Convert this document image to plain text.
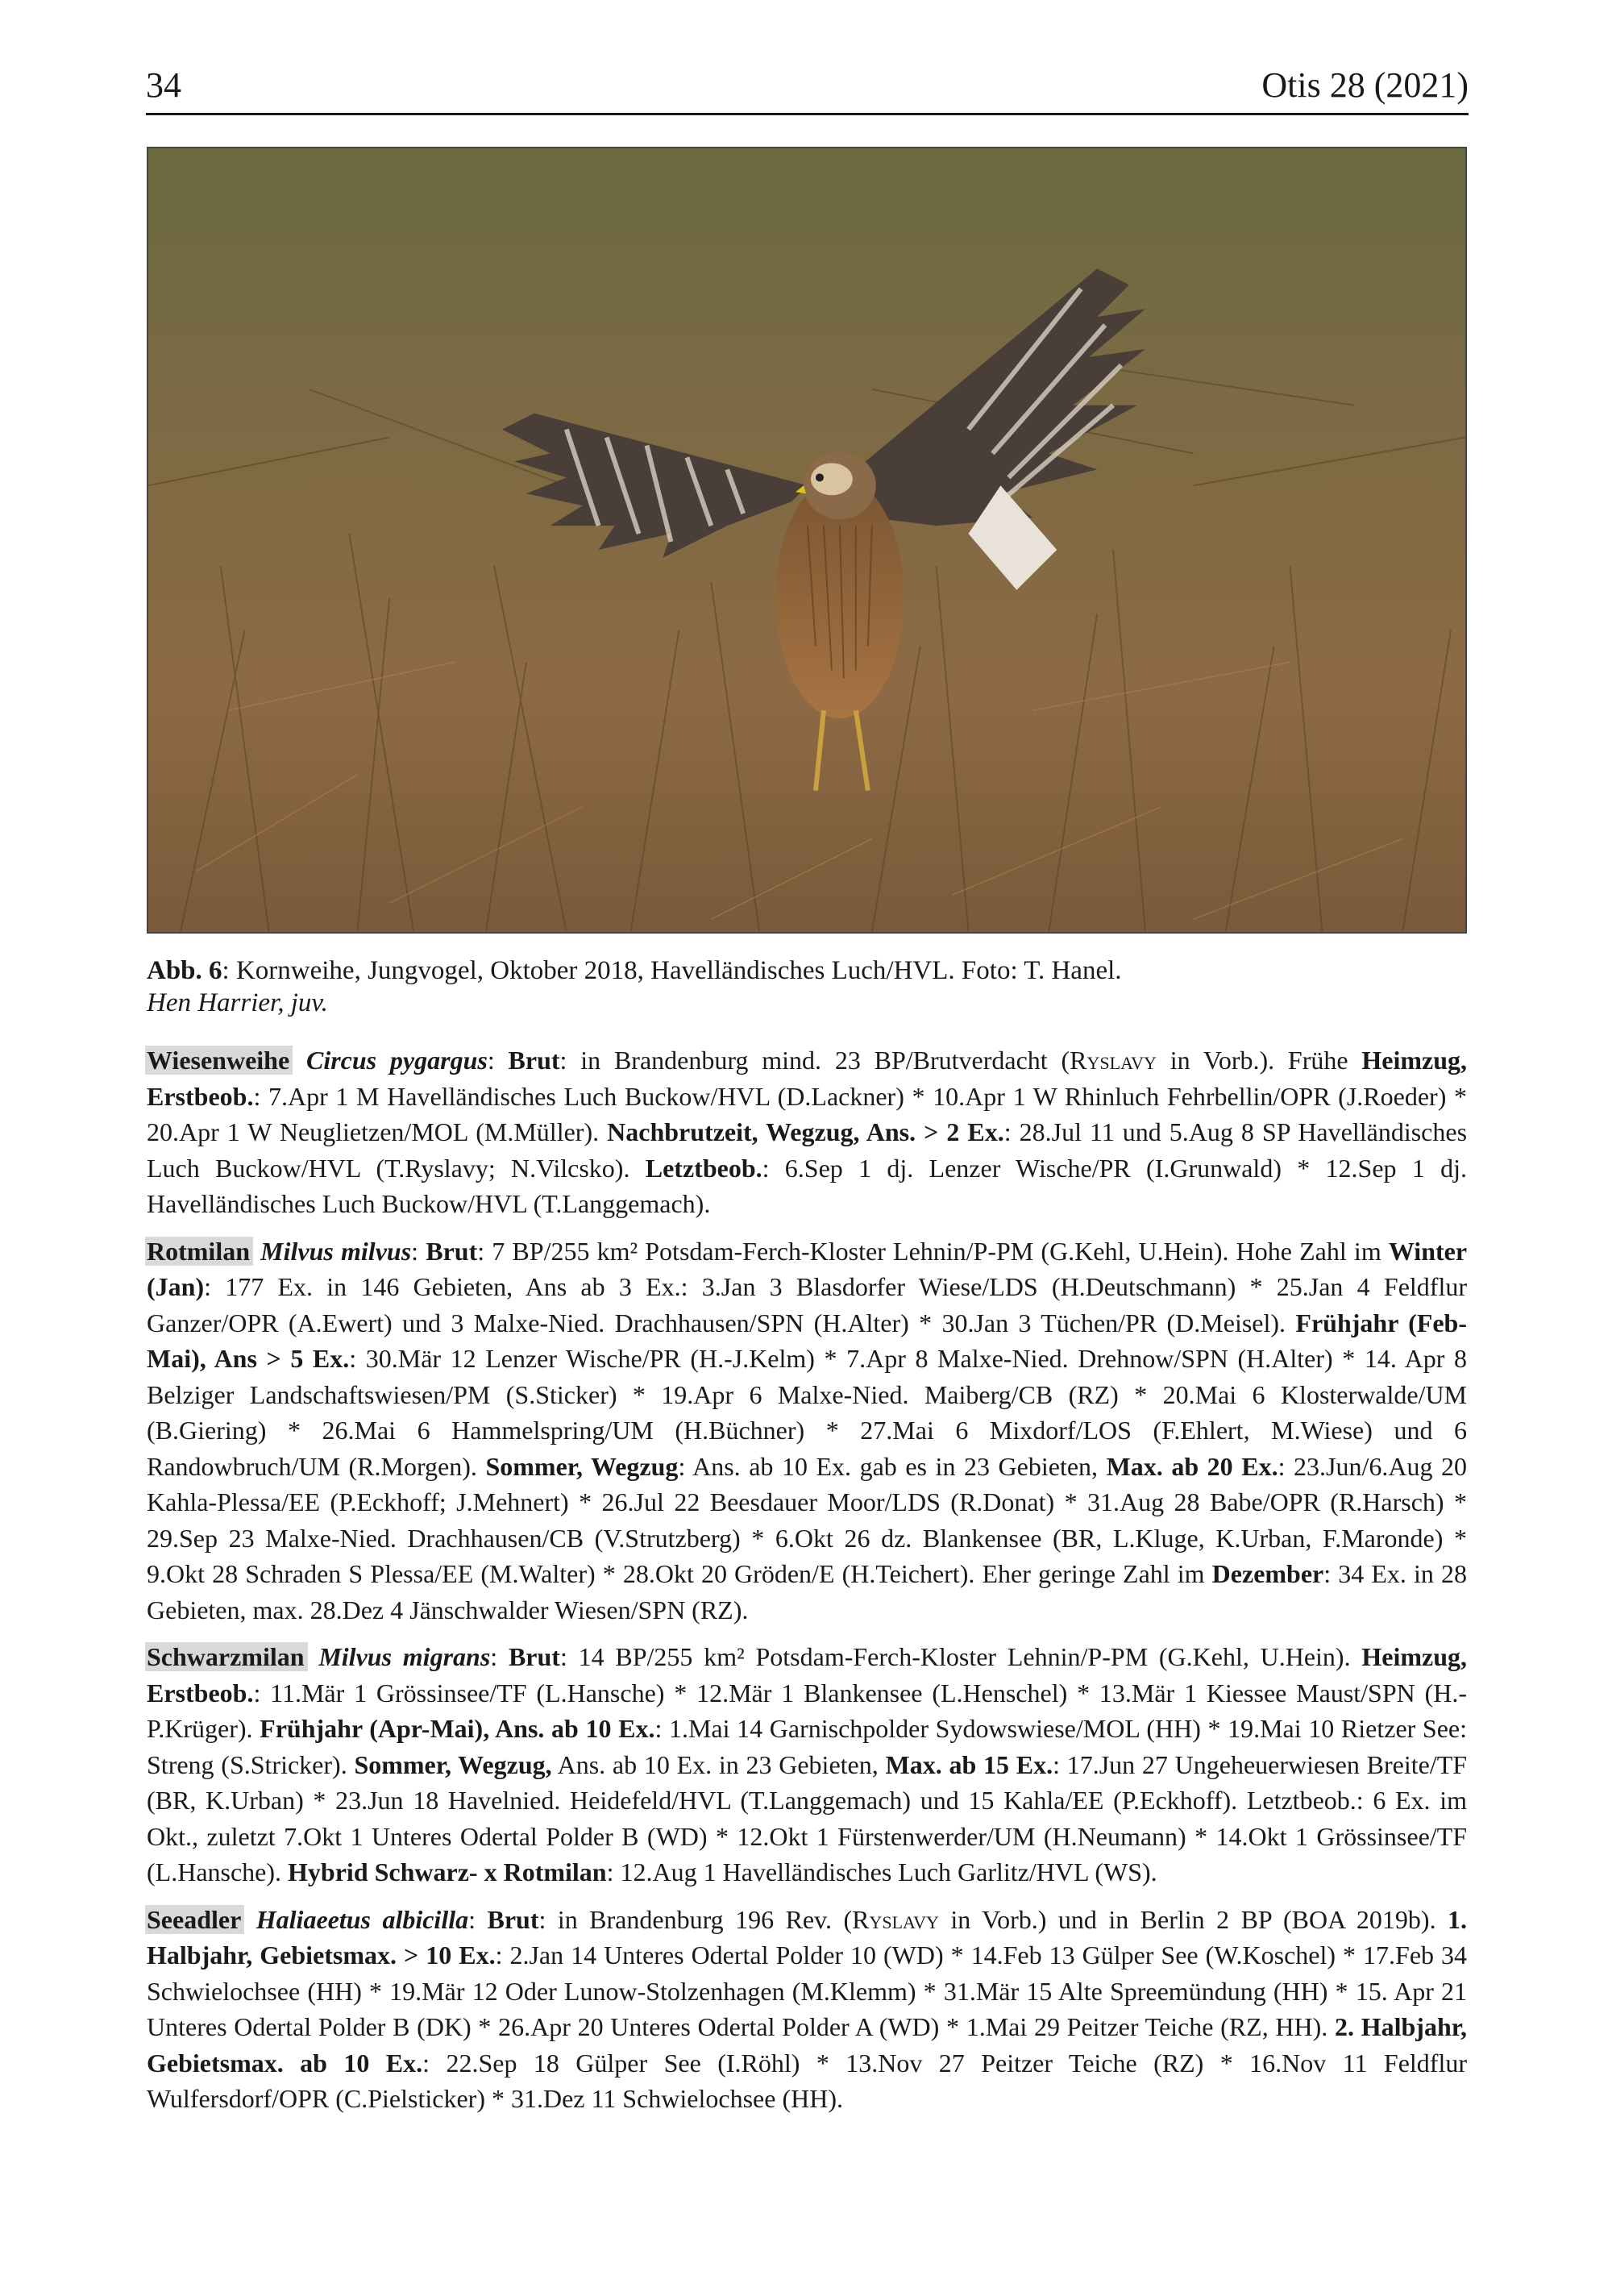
34	Otis 28 (2021)
Abb. 6: Kornweihe, Jungvogel, Oktober 2018, Havelländisches Luch/HVL. Foto: T. Hanel.
Hen Harrier, juv.

Wiesenweihe Circus pygargus: Brut: in Brandenburg mind. 23 BP/Brutverdacht (Ryslavy in Vorb.). Frühe Heimzug, Erstbeob.: 7.Apr 1 M Havelländisches Luch Buckow/HVL (D.Lackner) * 10.Apr 1 W Rhinluch Fehrbellin/OPR (J.Roeder) * 20.Apr 1 W Neuglietzen/MOL (M.Müller). Nachbrutzeit, Wegzug, Ans. > 2 Ex.: 28.Jul 11 und 5.Aug 8 SP Havelländisches Luch Buckow/HVL (T.Ryslavy; N.Vilcsko). Letztbeob.: 6.Sep 1 dj. Lenzer Wische/PR (I.Grunwald) * 12.Sep 1 dj. Havelländisches Luch Buckow/HVL (T.Langgemach).

Rotmilan Milvus milvus: Brut: 7 BP/255 km² Potsdam-Ferch-Kloster Lehnin/P-PM (G.Kehl, U.Hein). Hohe Zahl im Winter (Jan): 177 Ex. in 146 Gebieten, Ans ab 3 Ex.: 3.Jan 3 Blasdorfer Wiese/LDS (H.Deutschmann) * 25.Jan 4 Feldflur Ganzer/OPR (A.Ewert) und 3 Malxe-Nied. Drachhausen/SPN (H.Alter) * 30.Jan 3 Tüchen/PR (D.Meisel). Frühjahr (Feb-Mai), Ans > 5 Ex.: 30.Mär 12 Lenzer Wische/PR (H.-J.Kelm) * 7.Apr 8 Malxe-Nied. Drehnow/SPN (H.Alter) * 14. Apr 8 Belziger Landschaftswiesen/PM (S.Sticker) * 19.Apr 6 Malxe-Nied. Maiberg/CB (RZ) * 20.Mai 6 Klosterwalde/UM (B.Giering) * 26.Mai 6 Hammelspring/UM (H.Büchner) * 27.Mai 6 Mixdorf/LOS (F.Ehlert, M.Wiese) und 6 Randowbruch/UM (R.Morgen). Sommer, Wegzug: Ans. ab 10 Ex. gab es in 23 Gebieten, Max. ab 20 Ex.: 23.Jun/6.Aug 20 Kahla-Plessa/EE (P.Eckhoff; J.Mehnert) * 26.Jul 22 Beesdauer Moor/LDS (R.Donat) * 31.Aug 28 Babe/OPR (R.Harsch) * 29.Sep 23 Malxe-Nied. Drachhausen/CB (V.Strutzberg) * 6.Okt 26 dz. Blankensee (BR, L.Kluge, K.Urban, F.Maronde) * 9.Okt 28 Schraden S Plessa/EE (M.Walter) * 28.Okt 20 Gröden/E (H.Teichert). Eher geringe Zahl im Dezember: 34 Ex. in 28 Gebieten, max. 28.Dez 4 Jänschwalder Wiesen/SPN (RZ).

Schwarzmilan Milvus migrans: Brut: 14 BP/255 km² Potsdam-Ferch-Kloster Lehnin/P-PM (G.Kehl, U.Hein). Heimzug, Erstbeob.: 11.Mär 1 Grössinsee/TF (L.Hansche) * 12.Mär 1 Blankensee (L.Henschel) * 13.Mär 1 Kiessee Maust/SPN (H.-P.Krüger). Frühjahr (Apr-Mai), Ans. ab 10 Ex.: 1.Mai 14 Garnischpolder Sydowswiese/MOL (HH) * 19.Mai 10 Rietzer See: Streng (S.Stricker). Sommer, Wegzug, Ans. ab 10 Ex. in 23 Gebieten, Max. ab 15 Ex.: 17.Jun 27 Ungeheuerwiesen Breite/TF (BR, K.Urban) * 23.Jun 18 Havelnied. Heidefeld/HVL (T.Langgemach) und 15 Kahla/EE (P.Eckhoff). Letztbeob.: 6 Ex. im Okt., zuletzt 7.Okt 1 Unteres Odertal Polder B (WD) * 12.Okt 1 Fürstenwerder/UM (H.Neumann) * 14.Okt 1 Grössinsee/TF (L.Hansche). Hybrid Schwarz- x Rotmilan: 12.Aug 1 Havelländisches Luch Garlitz/HVL (WS).

Seeadler Haliaeetus albicilla: Brut: in Brandenburg 196 Rev. (Ryslavy in Vorb.) und in Berlin 2 BP (BOA 2019b). 1. Halbjahr, Gebietsmax. > 10 Ex.: 2.Jan 14 Unteres Odertal Polder 10 (WD) * 14.Feb 13 Gülper See (W.Koschel) * 17.Feb 34 Schwielochsee (HH) * 19.Mär 12 Oder Lunow-Stolzenhagen (M.Klemm) * 31.Mär 15 Alte Spreemündung (HH) * 15. Apr 21 Unteres Odertal Polder B (DK) * 26.Apr 20 Unteres Odertal Polder A (WD) * 1.Mai 29 Peitzer Teiche (RZ, HH). 2. Halbjahr, Gebietsmax. ab 10 Ex.: 22.Sep 18 Gülper See (I.Röhl) * 13.Nov 27 Peitzer Teiche (RZ) * 16.Nov 11 Feldflur Wulfersdorf/OPR (C.Pielsticker) * 31.Dez 11 Schwielochsee (HH).
